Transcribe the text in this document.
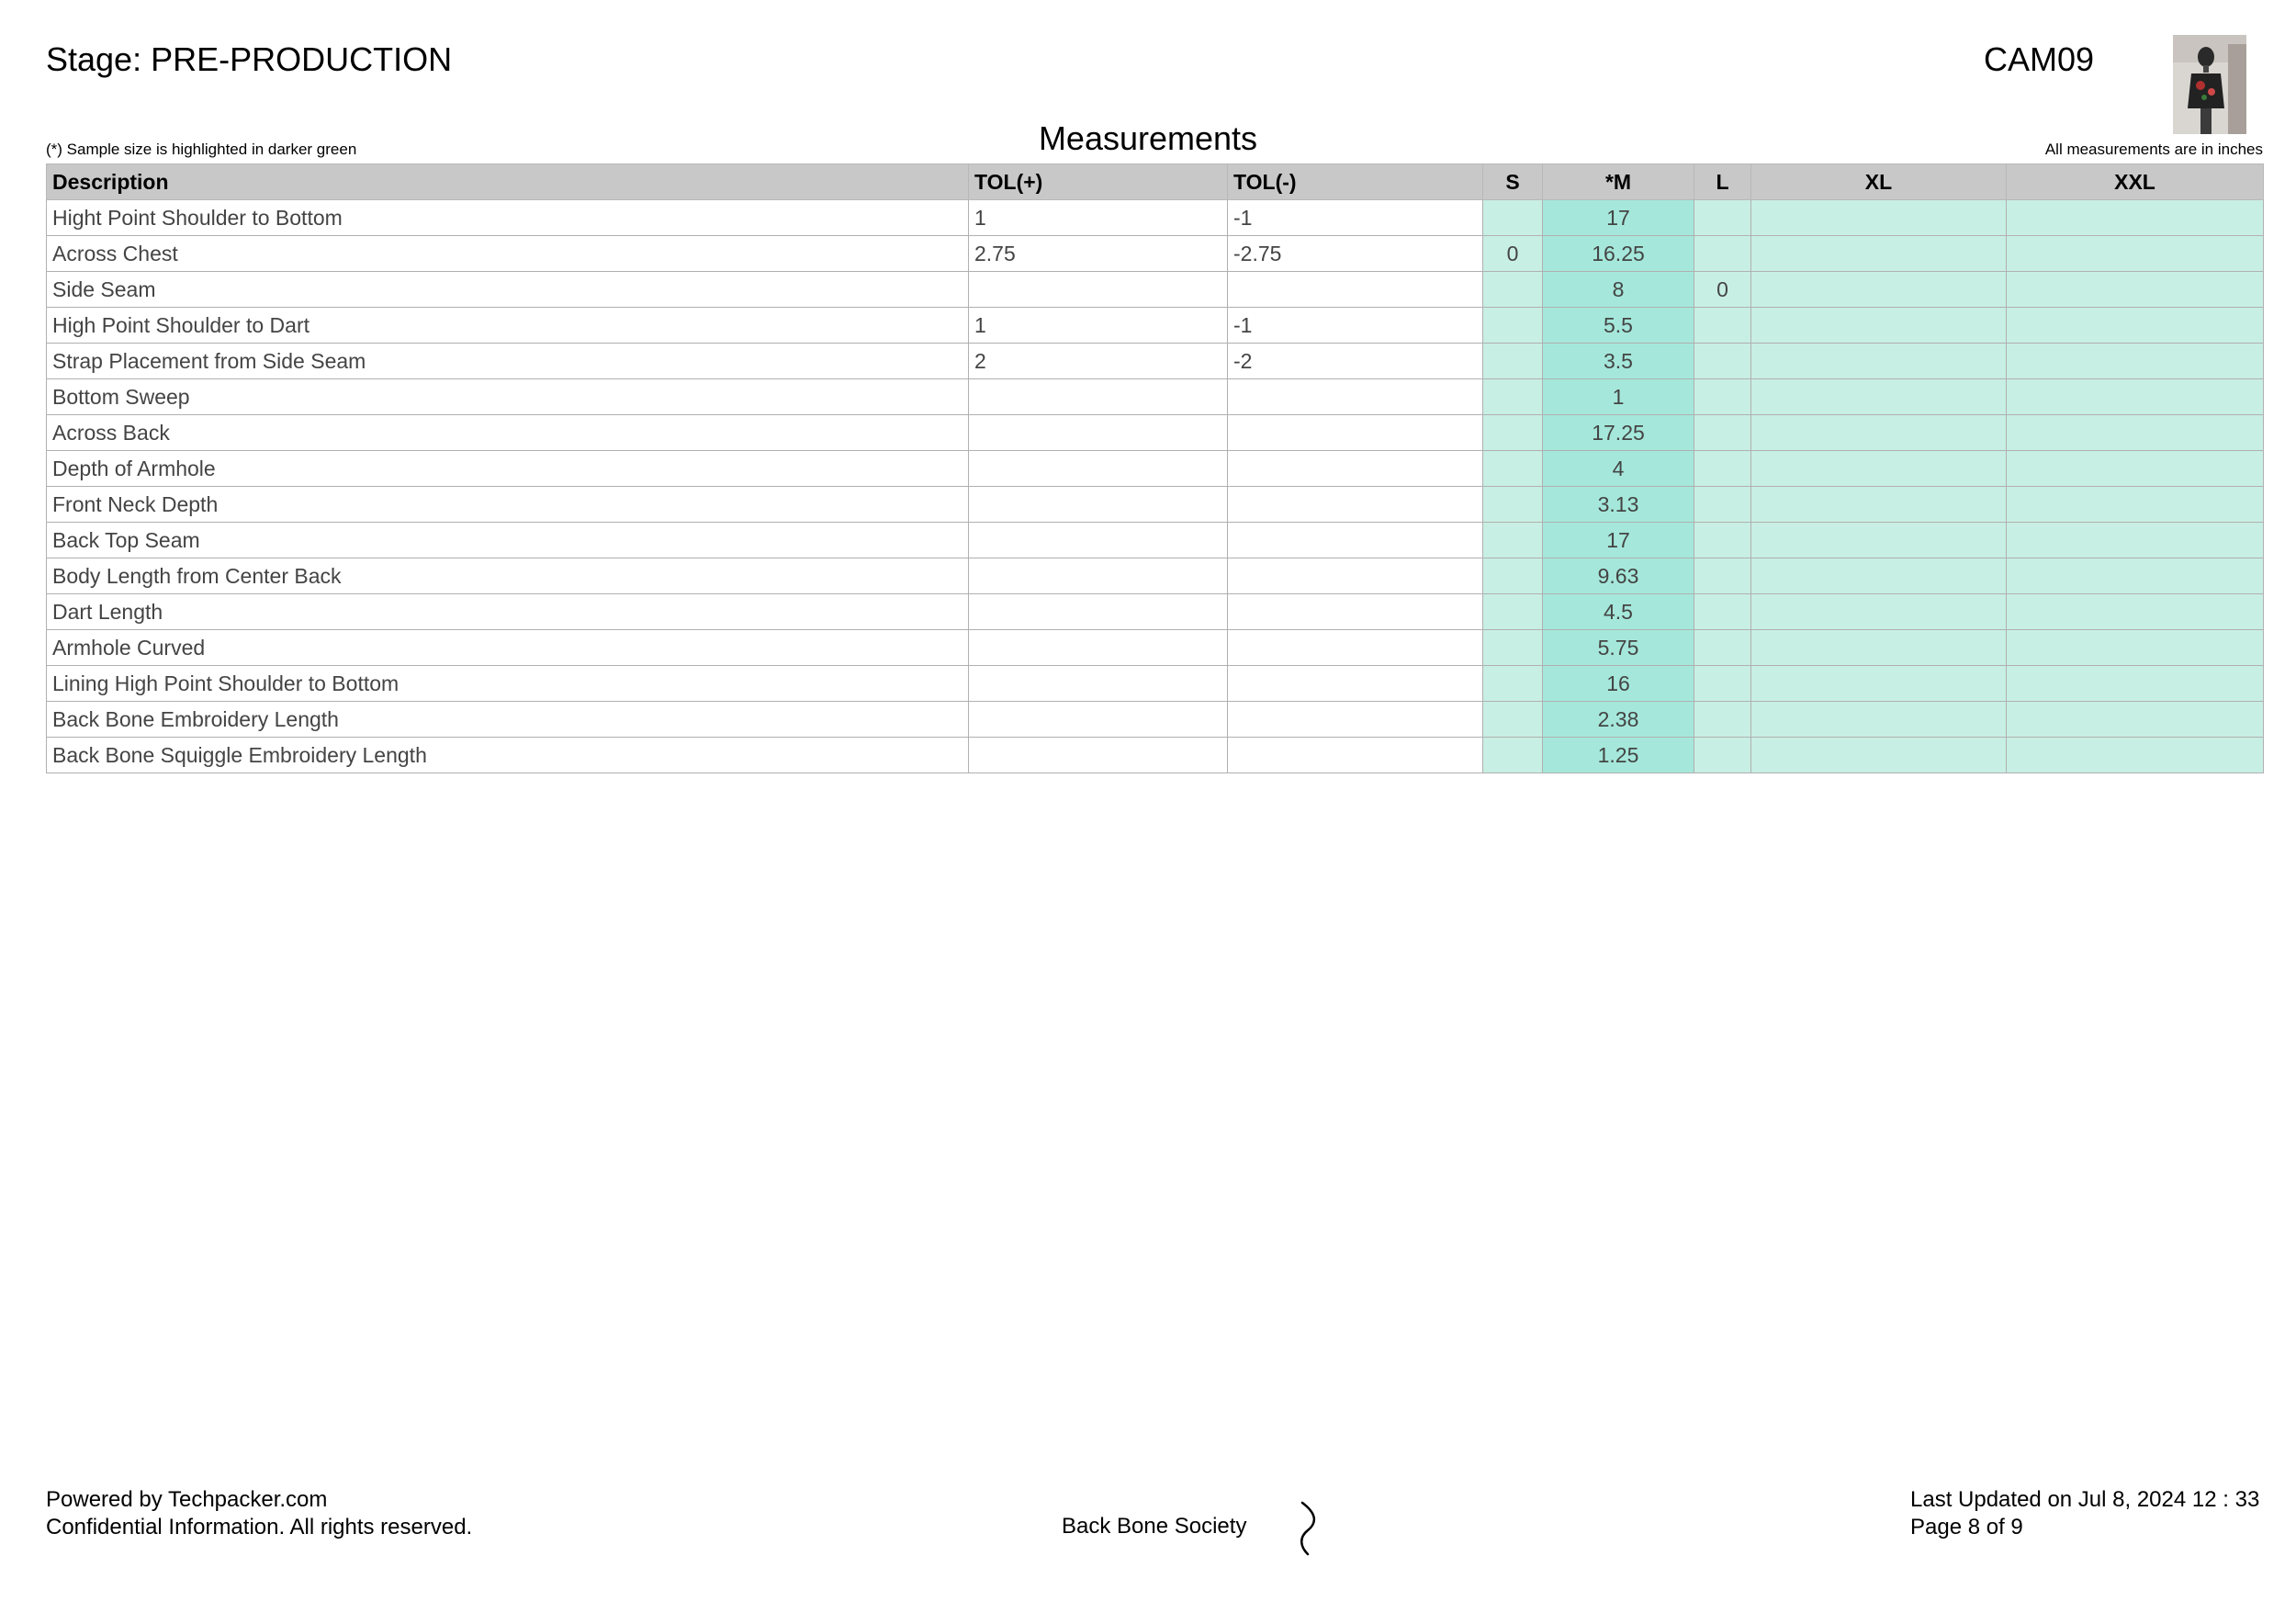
Stage: PRE-PRODUCTION	CAM09
(*) Sample size is highlighted in darker green	Measurements	All measurements are in inches
Description	TOL(+)	TOL(-)	S	*M	L	XL	XXL
Hight Point Shoulder to Bottom	1	-1		17			
Across Chest	2.75	-2.75	0	16.25			
Side Seam				8	0		
High Point Shoulder to Dart	1	-1		5.5			
Strap Placement from Side Seam	2	-2		3.5			
Bottom Sweep				1			
Across Back				17.25			
Depth of Armhole				4			
Front Neck Depth				3.13			
Back Top Seam				17			
Body Length from Center Back				9.63			
Dart Length				4.5			
Armhole Curved				5.75			
Lining High Point Shoulder to Bottom				16			
Back Bone Embroidery Length				2.38			
Back Bone Squiggle Embroidery Length				1.25			
Powered by Techpacker.com
Confidential Information. All rights reserved.	Back Bone Society
Last Updated on Jul 8, 2024 12 : 33
Page 8 of 9
